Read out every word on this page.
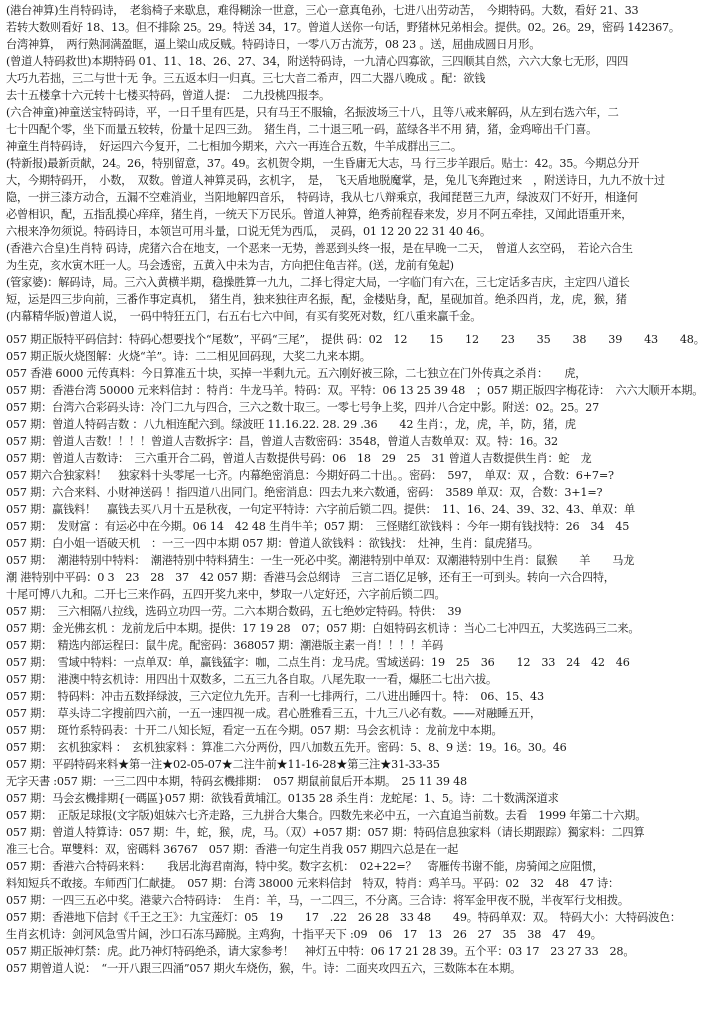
(港台神算)生肖特码诗，　老翁椅子来歇息，难得糊涂一世意，三心一意真龟孙，七进八出劳动苦，　今期特码。大数，看好 21、33
若转大数则看好 18、13。但不排除 25。29。特送 34，17。曾道人送你一句话，野猪林兄弟相会。提供。02。26。29，密码 142367。
台湾神算，　两行熟洞满盈眶，逼上梁山成反贼。特码诗日，一零八万古流芳，08 23 。送，屈曲成圆日月形。
(曾道人特码救世)本期特码 01、11、18、26、27、34，附送特码诗，一九清心四寡欲，三四顺其自然，六六大象七无形，四四
大巧九若拙，三二与世十无 争。三五返本归一归真。三七大音二希声，四二大器八晚成 。配：欲钱
去十五楼拿十六元转十七楼买特码，曾道人提：　二九投桃四报李。
(六合神童)神童送宝特码诗，平，一日千里有匹是，只有马王不服输，名振波场三十八，且等八戒来解码，从左到右选六年，二
七十四配个零，坐下而量五较转，份量十足四三劲。　猪生肖，二十退三吼一码，蓝绿各半不用 猜，猪，金鸡啼出千门喜。
神童生肖特码诗，　好运四六今复开，二七相加今期来，六六一再连合五数，牛羊成群出三二。
(特新报)最新贡献，24。26，特别留意，37。49。玄机贺令期，一生昏庸无大志，马 行三步羊跟后。贴士：42。35。今期总分开
大，今期特码开，　小数，　双数。曾道人神算灵码，玄机字，　是，　飞天盾地脱魔掌，是，兔儿飞奔跑过来　，附送诗日，九九不放十过
隐，一拼三漆方动合，五漏不空难消业，当阳地解四音乐，　特码诗，我从七八辩乘京，我闻琵琶三九声，绿波双门不好开，相逢何
必曾相识，配，五指乱摸心痒痒，猪生肖，一统天下万民乐。曾道人神算，绝秀前程春来发，岁月不阿五牵挂，又闻此语重开来，
六根来净勿须说。特码诗日，本领岂可用斗量，口说无凭为西瓜，　灵码，01 12 20 22 31 40 46。
(香港六合皇)生肖特 码诗，虎猪六合在地支，一个恶来一无势，善恶到头终一报，是在早晚一二天，　曾道人玄空码，　若论六合生
为生克，亥水寅木旺一人。马会透密，五黄入中未为吉，方向把住龟吉祥。(送，龙前有兔起)
(管家婆)：解码诗，局。三六入黄横半期，稳操胜算一九九，二择七得定大局，一字临门有六在，三七定话多吉庆，主定四八道长
短，运是四三步向前，三番作事定真机，　猪生肖，独来独往声名振，配，金楼贴身，配，星砚加首。绝杀四肖，龙，虎，猴，猪
(内幕精华版)曾道人说，　一码中特狂五门，右五右七六中间，有买有奖死对数，红八重来赢千金。
057 期正版特平码信封：特码心想要找个“尾数”，平码“三尾”，　提供 码：02　12　　15　　12　　23　　35　　38　　39　　43　　48。
057 期正版火烧图解：火烧“羊”。诗：二二相见回码现，大奖二九来本期。
057 香港 6000 元传真料：今日算准五十块，买掉一半剩九元。五六刚好被三除，二七独立在门外传真之杀肖：　　虎，
057 期：香港台湾 50000 元来料信封 ：特肖：牛龙马羊。特码：双。平特：06 13 25 39 48　；057 期正版四字梅花诗：　六六大顺开本期。
057 期：台湾六合彩码头诗：冷门二九与四合，三六之数十取三。一零七号争上奖，四并八合定中影。附送：02。25。27
057 期：曾道人特码吉数 ：八九相连配六到。绿波旺 11.16.22. 28. 29 .36　　42 生肖：，龙，虎，羊，防，猪，虎
057 期：曾道人吉数！！！！曾道人吉数拆字：昌，曾道人吉数密码：3548，曾道人吉数单双：双。特：16。32
057 期：曾道人吉数诗：　三六重开合二码，曾道人吉数提供号码：06　18　29　25　31 曾道人吉数提供生肖：蛇　龙
057 期六合独家料！　独家料十头零尾一七齐。内幕绝密消息：今期好码二十出。。密码：　597，　单双：双 ，合数：6+7=?
057 期：六合来料、小财神送码 ！指四道八出同门。绝密消息：四去九来六数通，密码：　3589 单双：双，合数：3+1=?
057 期：赢钱料！　赢钱去买八月十五是秋夜，一句定平特诗：六字前后锁二四。提供：　11、16、24、39、32、43、单双：单
057 期：　发财富 ：有运必中在今期。06 14　42 48 生肖牛羊；057 期：　三怪赌红欲钱料 ：今年一期有钱找特：26　34　45
057 期：白小姐一语破天机　：一三一四中本期 057 期：曾道人欲钱料 ：欲钱找：　灶神，生肖：鼠虎猪马。
057 期：　潮港特别中特料：　潮港特别中特料猜生：一生一死必中奖。潮港特别中单双：双潮港特别中生肖：鼠猴　　羊　　马龙
潮 港特别中平码：0 3　23　28　37　42 057 期：香港马会总纲诗　三言二语亿足够，还有王一可到头。转向一六合四特，
十尾可博八九和。二开七三来作码，五四开奖九来中，梦取一八定好还，六字前后锁二四。
057 期：　三六相隔八拉线，选码立功四一劳。二六本期合数码，五七绝妙定特码。特供：　39
057 期：金光佛玄机 ：龙前龙后中本期。提供：17 19 28　07；057 期：白姐特码玄机诗 ：当心二七冲四五，大奖选码三二来。
057 期：　精选内部运程曰：鼠牛虎。配密码：368057 期：潮港版主素一肖！！！！羊码
057 期：　雪域中特料：一点单双：单，赢钱猛字：咖，二点生肖：龙马虎。雪域送码：19　25　36　　12　33　24　42　46
057 期：　港澳中特玄机诗：用四出十双数多，二五三九各自取。八尾先取一一看，爆胚二七出六拔。
057 期：　特码料：冲击五数择绿波，三六定位九先开。吉利一七排两行，二八进出睡四十。特：　06、15、43
057 期：　草头诗二字搜前四六前，一五一速四视一成。君心胜雅看三五，十九三八必有数。——对融睡五开，
057 期：　斑竹系特码表：十开二八知长短，看定一五在今期。057 期：马会玄机诗 ：龙前龙中本期。
057 期：　玄机独家料 ：　玄机独家料 ：算准二六分两份，四八加数五先开。密码：5、8、9 送：19。16。30。46
057 期：平码特码来料★第一注★02-05-07★二注牛前★11-16-28★第三注★31-33-35
无字天書 :057 期：一三二四中本期，特码玄機排期：　057 期鼠前鼠后开本期。　25 11 39 48
057 期：马会玄機排期{一碼區}057 期：欲钱看黄埔江。0135 28 杀生肖：龙蛇尾：1、5。诗：二十数满深道求
057 期：　正版足球报(文字版)姐妹六七齐走路，三九拼合大集合。四数先来必中五，一六直追当前数。去看　1999 年第二十六期。
057 期：曾道人特算诗：057 期：牛，蛇，猴，虎，马。（双）+057 期：057 期：特码信息独家料（请长期跟踪）獨家料：二四算
准三七合。單雙料：双，密碼料 36767　057 期：香港一句定生肖我 057 期四六总是在一起
057 期：香港六合特码来料：　　我居北海君南海，特中奖。数字玄机：　02+22=？　寄雁传书谢不能，房骑闻之应阻惯，
料知短兵不敢接。车师西门仁献捷。　057 期：台湾 38000 元来料信封　特双，特肖：鸡羊马。平码：02　32　48　47 诗：
057 期：一四三五必中奖。港蒙六合特码诗：　生肖：羊，马，一二四三，不分离。三合诗：将军金甲夜不脱，半夜军行戈相拨。
057 期：香港地下信封《千王之王》：九宝莲灯：05　19　　17　.22　26 28　33 48　　49。特码单双：双。　特码大小：大特码波色：
生肖玄机诗：剑河风急雪片阔，沙口石冻马蹄脱。主鸡狗，十指平天下 :09　06　17　13　26　27　35　38　47　49。
057 期正版神灯禁：虎。此乃神灯特码绝杀，请大家参考！　神灯五中特：06 17 21 28 39。五个平：03 17　23 27 33　28。
057 期曾道人说：　“一开八跟三四涌”057 期火车烧伤，猴，牛。诗：二面夹攻四五六，三数陈本在本期。
